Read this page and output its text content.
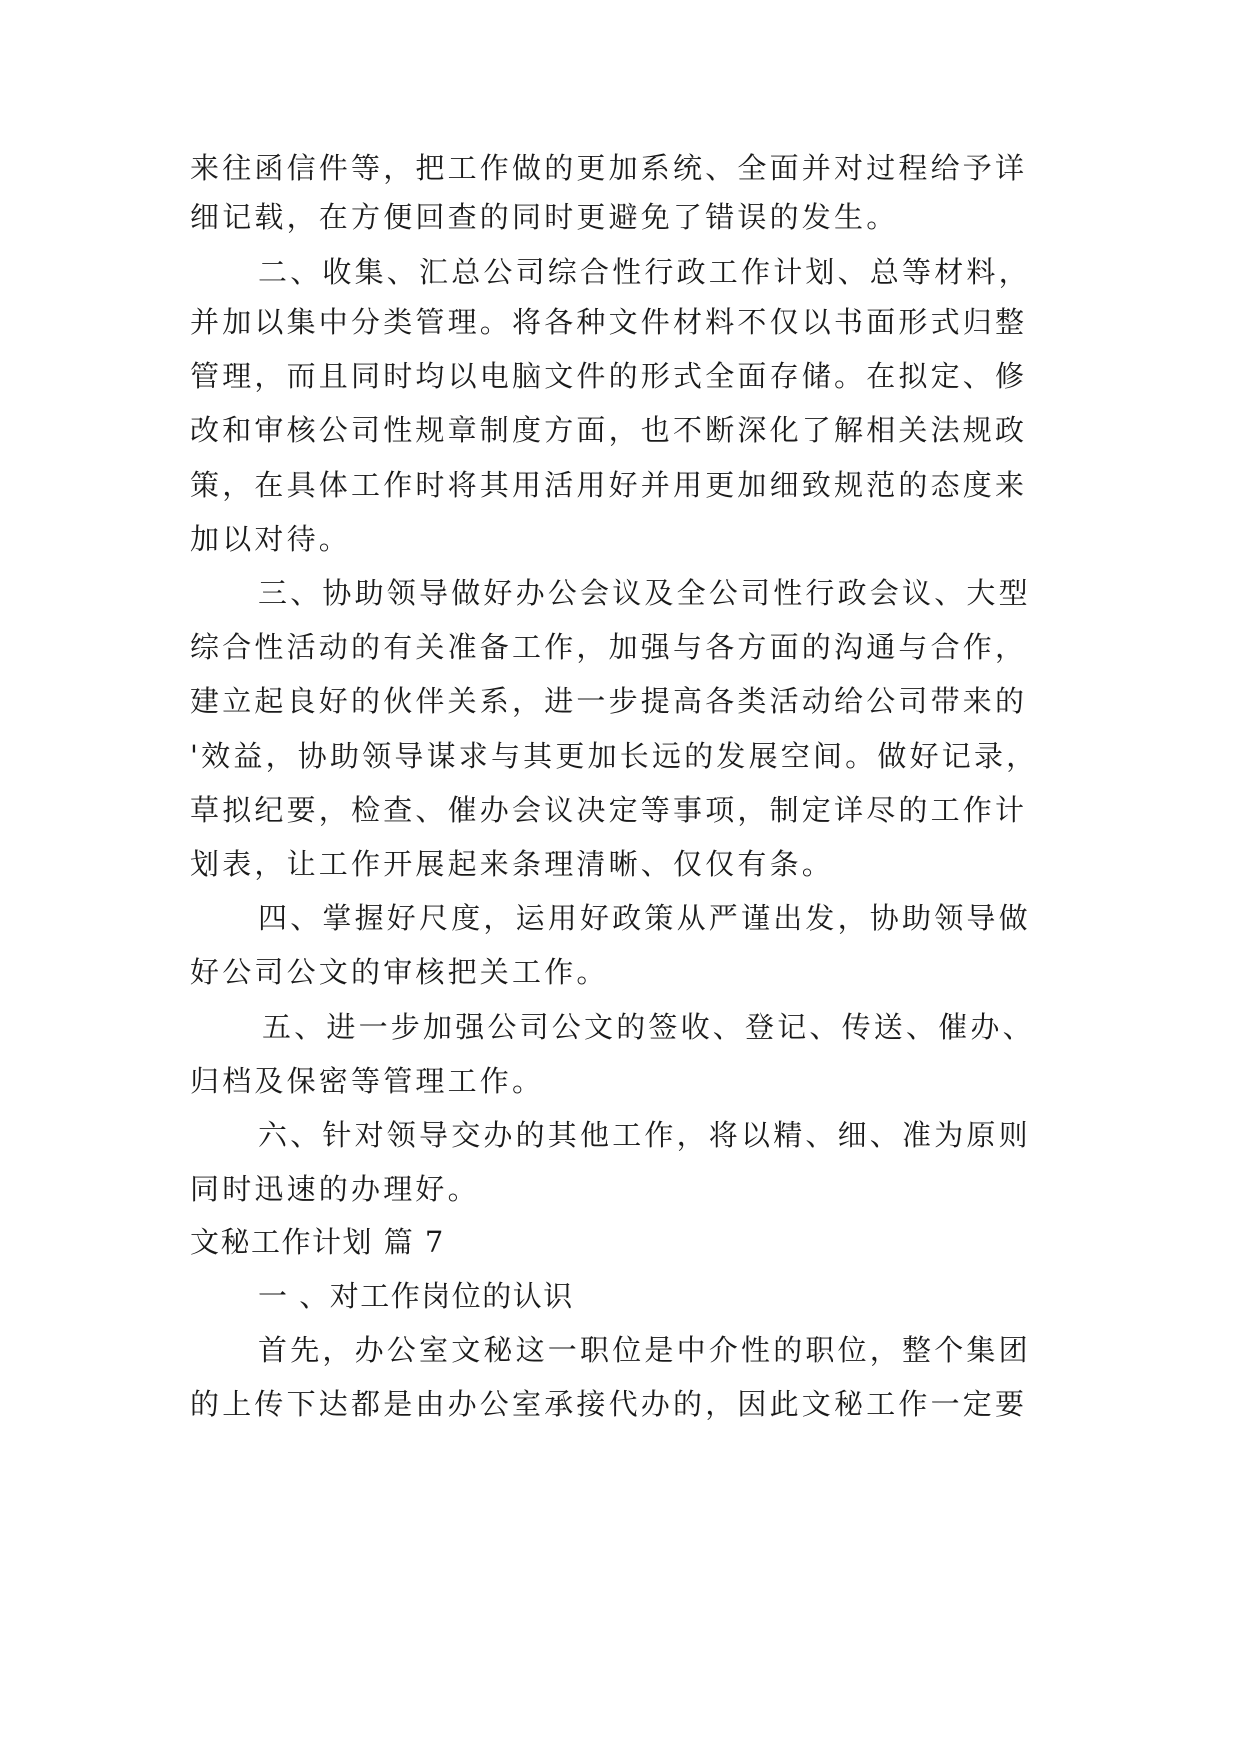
来往函信件等，把工作做的更加系统、全面并对过程给予详
细记载，在方便回查的同时更避免了错误的发生。
二、收集、汇总公司综合性行政工作计划、总等材料，
并加以集中分类管理。将各种文件材料不仅以书面形式归整
管理，而且同时均以电脑文件的形式全面存储。在拟定、修
改和审核公司性规章制度方面，也不断深化了解相关法规政
策，在具体工作时将其用活用好并用更加细致规范的态度来
加以对待。
三、协助领导做好办公会议及全公司性行政会议、大型
综合性活动的有关准备工作，加强与各方面的沟通与合作，
建立起良好的伙伴关系，进一步提高各类活动给公司带来的
'效益，协助领导谋求与其更加长远的发展空间。做好记录，
草拟纪要，检查、催办会议决定等事项，制定详尽的工作计
划表，让工作开展起来条理清晰、仅仅有条。
四、掌握好尺度，运用好政策从严谨出发，协助领导做
好公司公文的审核把关工作。
五、进一步加强公司公文的签收、登记、传送、催办、
归档及保密等管理工作。
六、针对领导交办的其他工作，将以精、细、准为原则
同时迅速的办理好。
文秘工作计划 篇 7
一 、对工作岗位的认识
首先，办公室文秘这一职位是中介性的职位，整个集团
的上传下达都是由办公室承接代办的，因此文秘工作一定要
